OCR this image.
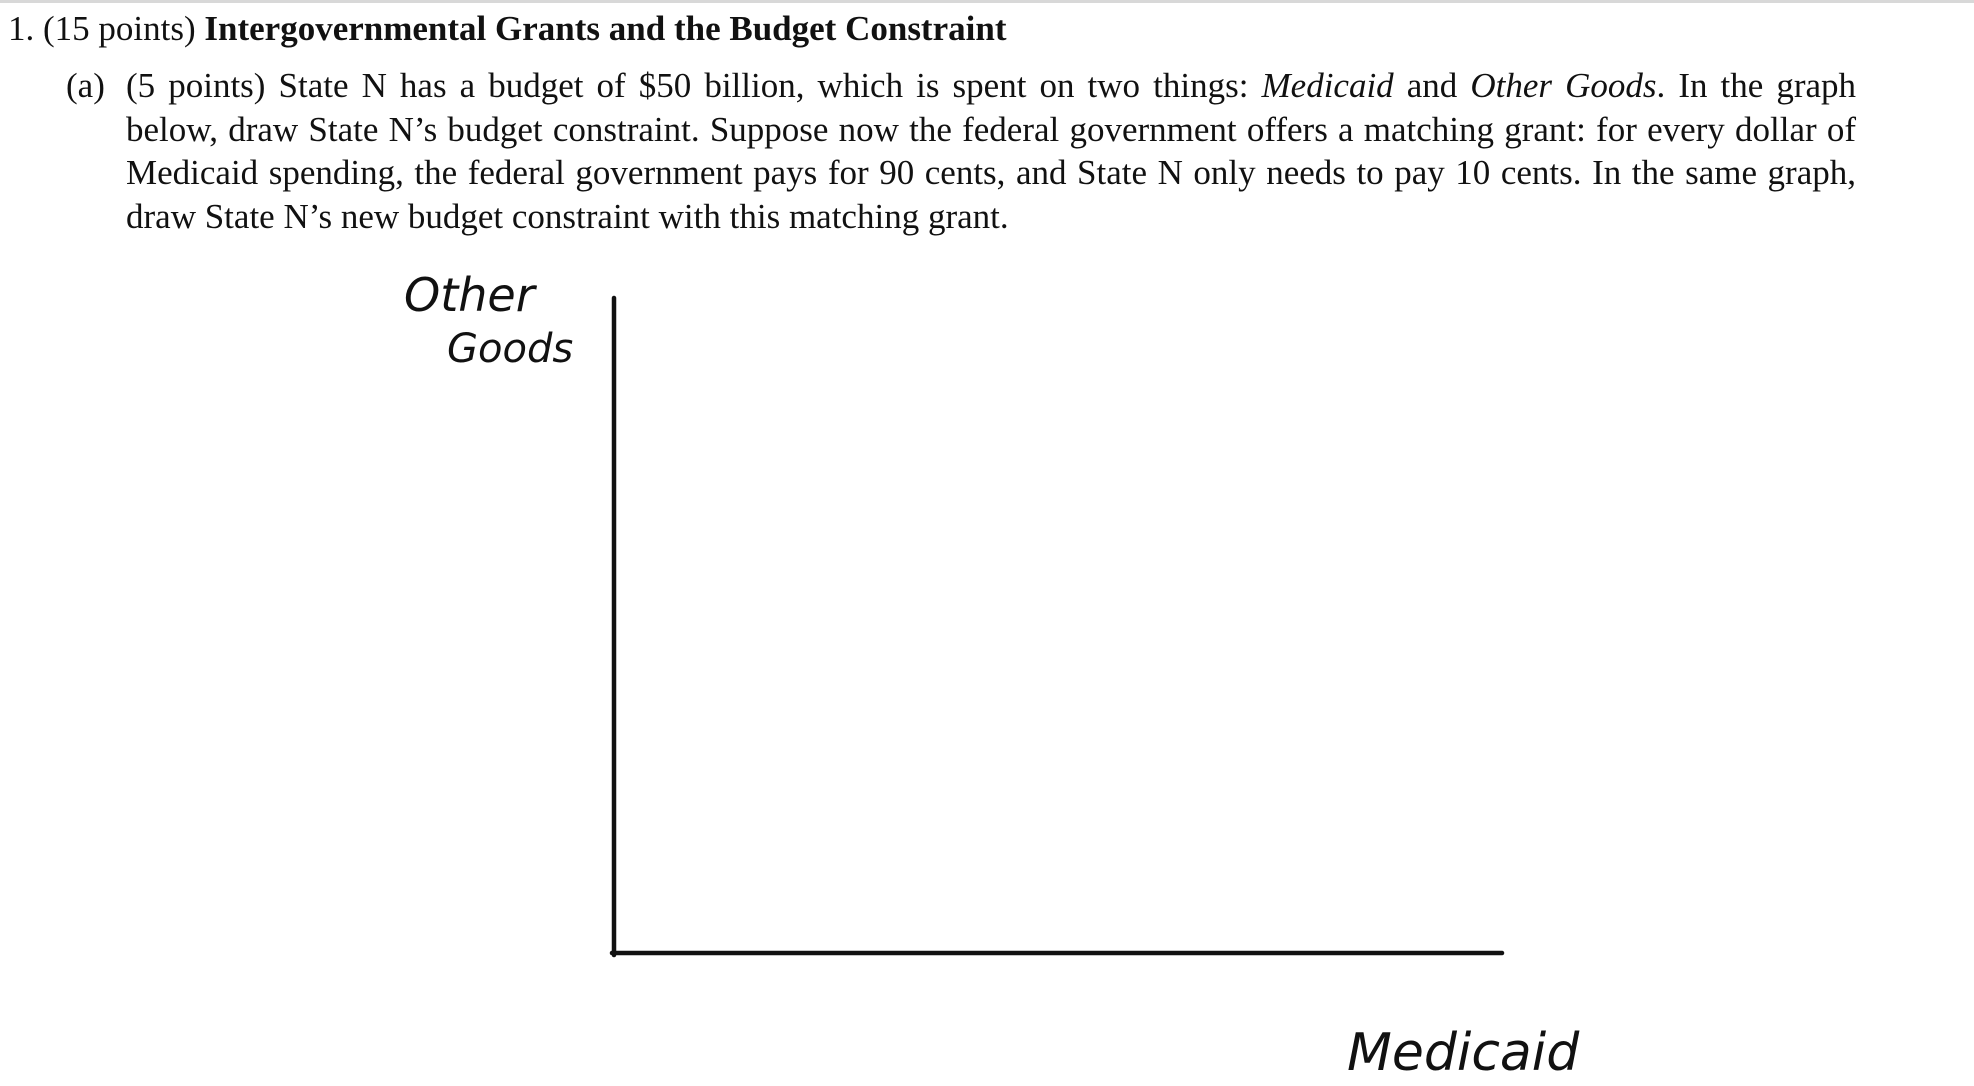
1. (15 points) Intergovernmental Grants and the Budget Constraint
(a) (5 points) State N has a budget of $50 billion, which is spent on two things: Medicaid and Other Goods. In the graph below, draw State N’s budget constraint. Suppose now the federal government offers a matching grant: for every dollar of Medicaid spending, the federal government pays for 90 cents, and State N only needs to pay 10 cents. In the same graph, draw State N’s new budget constraint with this matching grant.
Other
Goods
Medicaid
